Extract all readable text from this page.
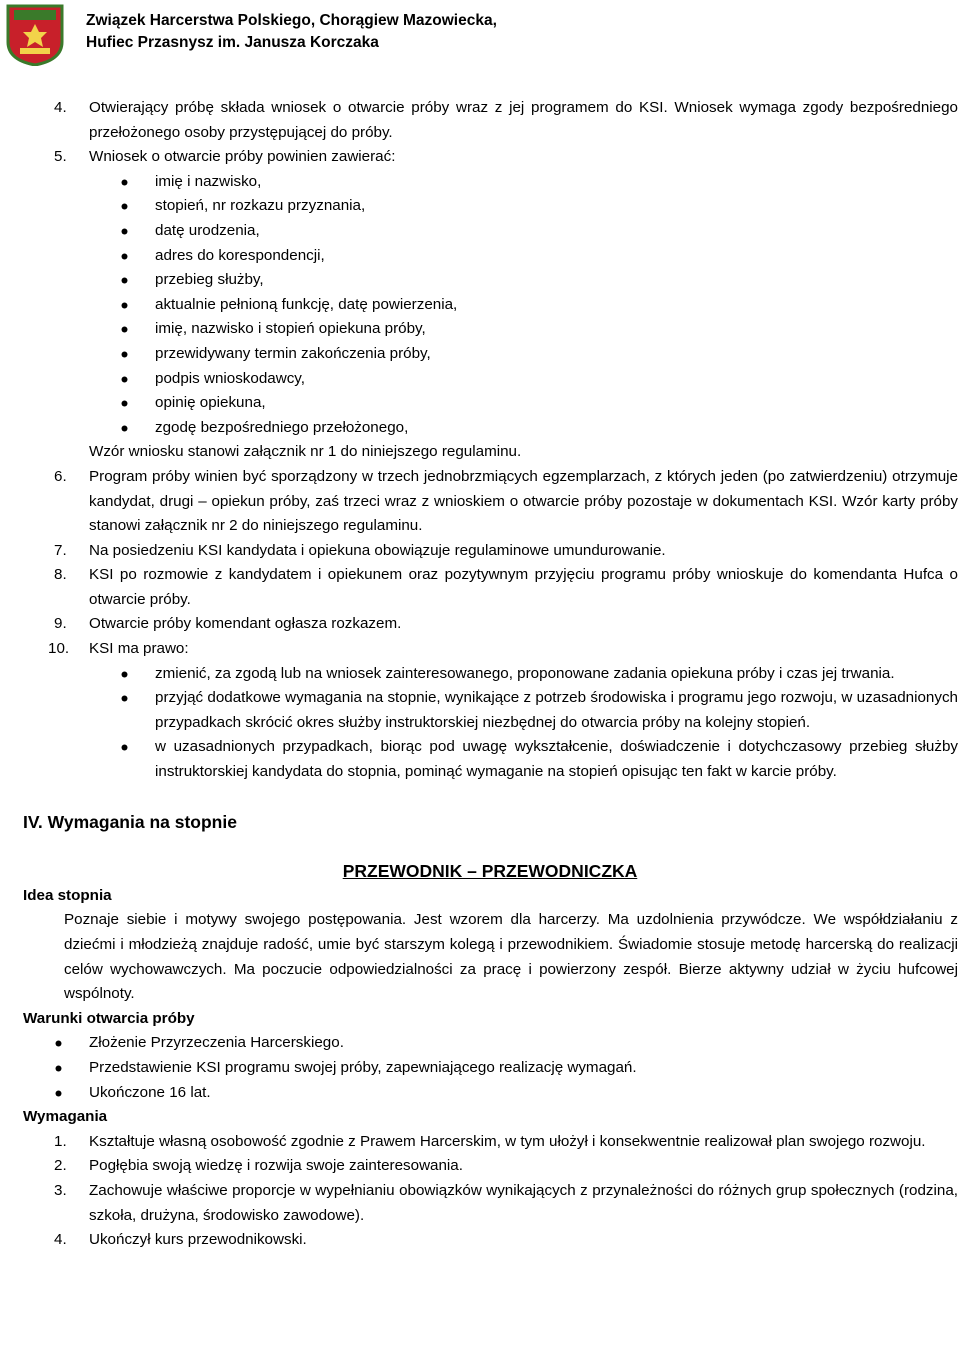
Związek Harcerstwa Polskiego, Chorągiew Mazowiecka,
Hufiec Przasnysz im. Janusza Korczaka
4. Otwierający próbę składa wniosek o otwarcie próby wraz z jej programem do KSI. Wniosek wymaga zgody bezpośredniego przełożonego osoby przystępującej do próby.
5. Wniosek o otwarcie próby powinien zawierać:
imię i nazwisko,
stopień, nr rozkazu przyznania,
datę urodzenia,
adres do korespondencji,
przebieg służby,
aktualnie pełnioną funkcję, datę powierzenia,
imię, nazwisko i stopień opiekuna próby,
przewidywany termin zakończenia próby,
podpis wnioskodawcy,
opinię opiekuna,
zgodę bezpośredniego przełożonego,
Wzór wniosku stanowi załącznik nr 1 do niniejszego regulaminu.
6. Program próby winien być sporządzony w trzech jednobrzmiących egzemplarzach, z których jeden (po zatwierdzeniu) otrzymuje kandydat, drugi – opiekun próby, zaś trzeci wraz z wnioskiem o otwarcie próby pozostaje w dokumentach KSI. Wzór karty próby stanowi załącznik nr 2 do niniejszego regulaminu.
7. Na posiedzeniu KSI kandydata i opiekuna obowiązuje regulaminowe umundurowanie.
8. KSI po rozmowie z kandydatem i opiekunem oraz pozytywnym przyjęciu programu próby wnioskuje do komendanta Hufca o otwarcie próby.
9. Otwarcie próby komendant ogłasza rozkazem.
10. KSI ma prawo:
zmienić, za zgodą lub na wniosek zainteresowanego, proponowane zadania opiekuna próby i czas jej trwania.
przyjąć dodatkowe wymagania na stopnie, wynikające z potrzeb środowiska i programu jego rozwoju, w uzasadnionych przypadkach skrócić okres służby instruktorskiej niezbędnej do otwarcia próby na kolejny stopień.
w uzasadnionych przypadkach, biorąc pod uwagę wykształcenie, doświadczenie i dotychczasowy przebieg służby instruktorskiej kandydata do stopnia, pominąć wymaganie na stopień opisując ten fakt w karcie próby.
IV. Wymagania na stopnie
PRZEWODNIK – PRZEWODNICZKA
Idea stopnia
Poznaje siebie i motywy swojego postępowania. Jest wzorem dla harcerzy. Ma uzdolnienia przywódcze. We współdziałaniu z dziećmi i młodzieżą znajduje radość, umie być starszym kolegą i przewodnikiem. Świadomie stosuje metodę harcerską do realizacji celów wychowawczych. Ma poczucie odpowiedzialności za pracę i powierzony zespół. Bierze aktywny udział w życiu hufcowej wspólnoty.
Warunki otwarcia próby
Złożenie Przyrzeczenia Harcerskiego.
Przedstawienie KSI programu swojej próby, zapewniającego realizację wymagań.
Ukończone 16 lat.
Wymagania
1. Kształtuje własną osobowość zgodnie z Prawem Harcerskim, w tym ułożył i konsekwentnie realizował plan swojego rozwoju.
2. Pogłębia swoją wiedzę i rozwija swoje zainteresowania.
3. Zachowuje właściwe proporcje w wypełnianiu obowiązków wynikających z przynależności do różnych grup społecznych (rodzina, szkoła, drużyna, środowisko zawodowe).
4. Ukończył kurs przewodnikowski.
